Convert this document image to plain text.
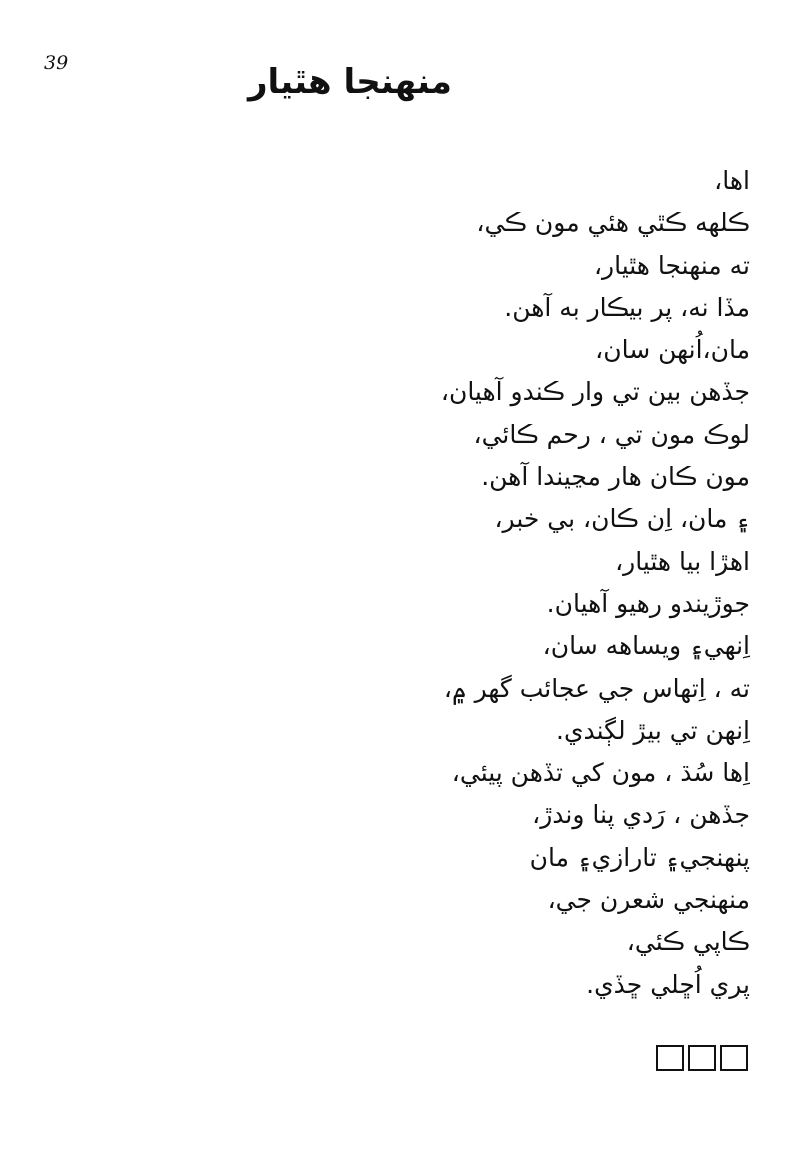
39	منهنجا هٿيار
اها،
ڪلهه ڪٿي هئي مون ڪي،
ته منهنجا هٿيار،
مڏا نه، پر بيڪار به آهن.
مان،اُنهن سان،
جڏهن بين تي وار ڪندو آهيان،
لوڪ مون تي ، رحم ڪائي،
مون ڪان هار مڃيندا آهن.
۽ مان، اِن ڪان، بي خبر،
اهڙا بيا هٿيار،
جوڙيندو رهيو آهيان.
اِنهي۽ ويساهه سان،
ته ، اِتهاس جي عجائب گهر ۾،
اِنهن تي بيڙ لڳندي.
اِها سُڌ ، مون کي تڏهن پيئي،
جڏهن ، رَدي پنا وندڙ،
پنهنجي۽ تارازي۽ مان
منهنجي شعرن جي،
ڪاپي ڪئي،
پري اُڇلي ڇڏي.
